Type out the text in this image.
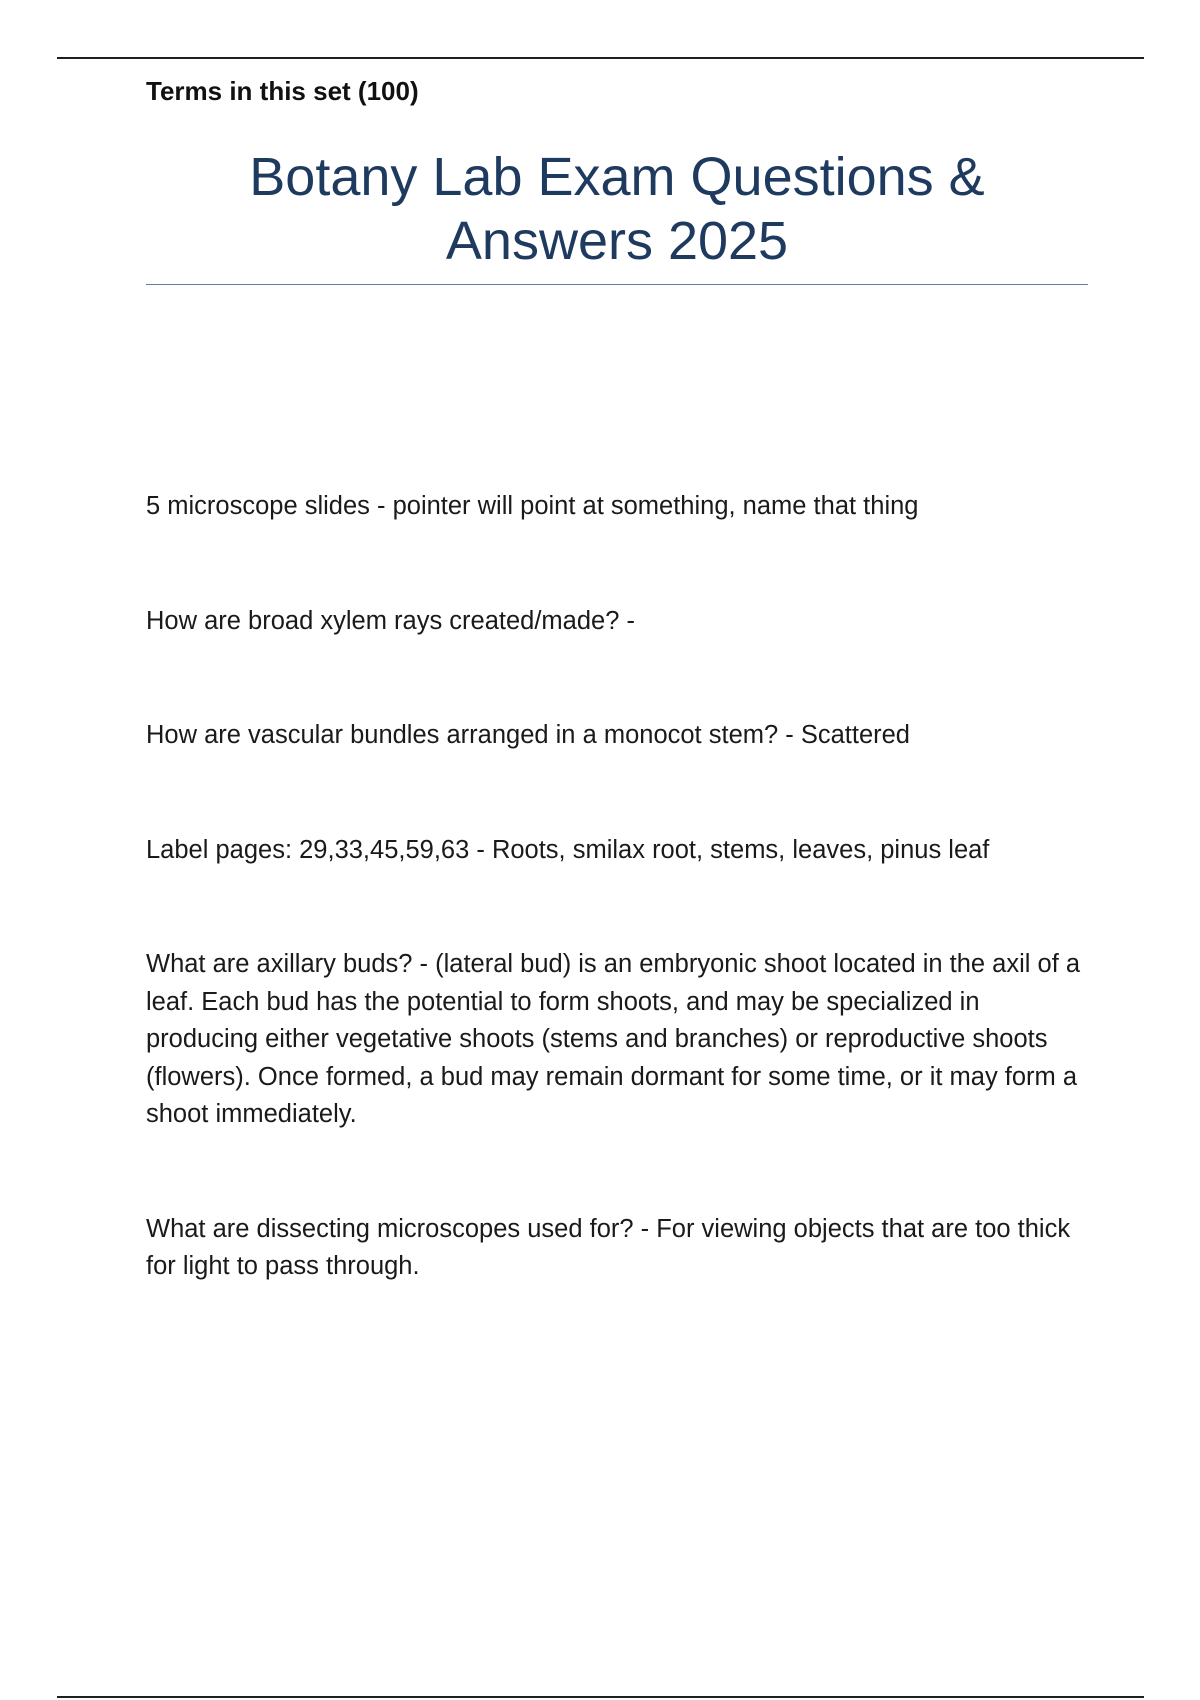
Terms in this set (100)
Botany Lab Exam Questions &
Answers 2025
5 microscope slides - pointer will point at something, name that thing
How are broad xylem rays created/made? -
How are vascular bundles arranged in a monocot stem? - Scattered
Label pages: 29,33,45,59,63 - Roots, smilax root, stems, leaves, pinus leaf
What are axillary buds? - (lateral bud) is an embryonic shoot located in the axil of a leaf. Each bud has the potential to form shoots, and may be specialized in producing either vegetative shoots (stems and branches) or reproductive shoots (flowers). Once formed, a bud may remain dormant for some time, or it may form a shoot immediately.
What are dissecting microscopes used for? - For viewing objects that are too thick for light to pass through.
